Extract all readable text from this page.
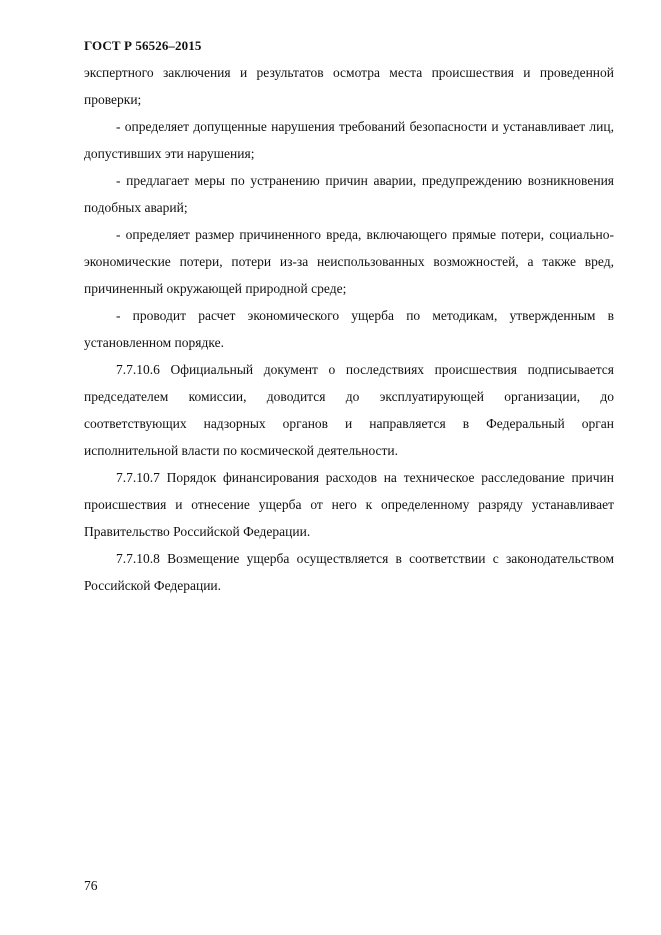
ГОСТ Р 56526–2015

экспертного заключения и результатов осмотра места происшествия и проведенной проверки;

- определяет допущенные нарушения требований безопасности и устанавливает лиц, допустивших эти нарушения;

- предлагает меры по устранению причин аварии, предупреждению возникновения подобных аварий;

- определяет размер причиненного вреда, включающего прямые потери, социально-экономические потери, потери из-за неиспользованных возможностей, а также вред, причиненный окружающей природной среде;

- проводит расчет экономического ущерба по методикам, утвержденным в установленном порядке.

7.7.10.6 Официальный документ о последствиях происшествия подписывается председателем комиссии, доводится до эксплуатирующей организации, до соответствующих надзорных органов и направляется в Федеральный орган исполнительной власти по космической деятельности.

7.7.10.7 Порядок финансирования расходов на техническое расследование причин происшествия и отнесение ущерба от него к определенному разряду устанавливает Правительство Российской Федерации.

7.7.10.8 Возмещение ущерба осуществляется в соответствии с законодательством Российской Федерации.

76
